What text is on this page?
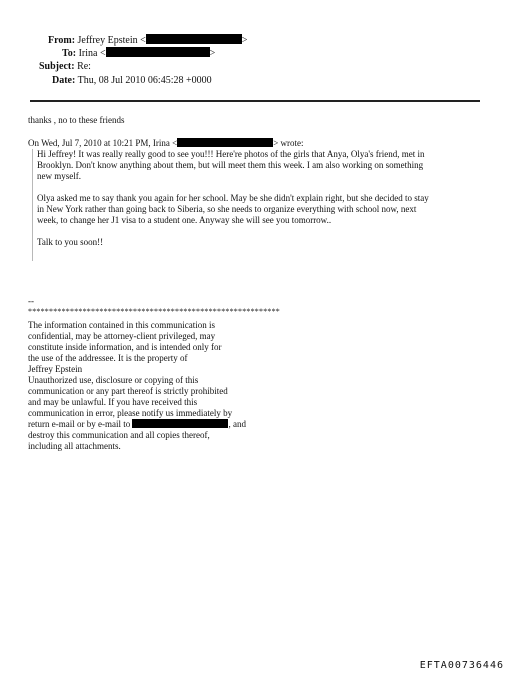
From: Jeffrey Epstein <	>
To: Irina <	>
Subject: Re:
Date: Thu, 08 Jul 2010 06:45:28 +0000
thanks , no to these friends
On Wed, Jul 7, 2010 at 10:21 PM, Irina <	> wrote:
Hi Jeffrey! It was really really good to see you!!! Here're photos of the girls that Anya, Olya's friend, met in
Brooklyn. Don't know anything about them, but will meet them this week. I am also working on something
new myself.
Olya asked me to say thank you again for her school. May be she didn't explain right, but she decided to stay
in New York rather than going back to Siberia, so she needs to organize everything with school now, next
week, to change her J1 visa to a student one. Anyway she will see you tomorrow..
Talk to you soon!!
--
************************************************************
The information contained in this communication is
confidential, may be attorney-client privileged, may
constitute inside information, and is intended only for
the use of the addressee. It is the property of
Jeffrey Epstein
Unauthorized use, disclosure or copying of this
communication or any part thereof is strictly prohibited
and may be unlawful. If you have received this
communication in error, please notify us immediately by
return e-mail or by e-mail to	, and
destroy this communication and all copies thereof,
including all attachments.
EFTA00736446
